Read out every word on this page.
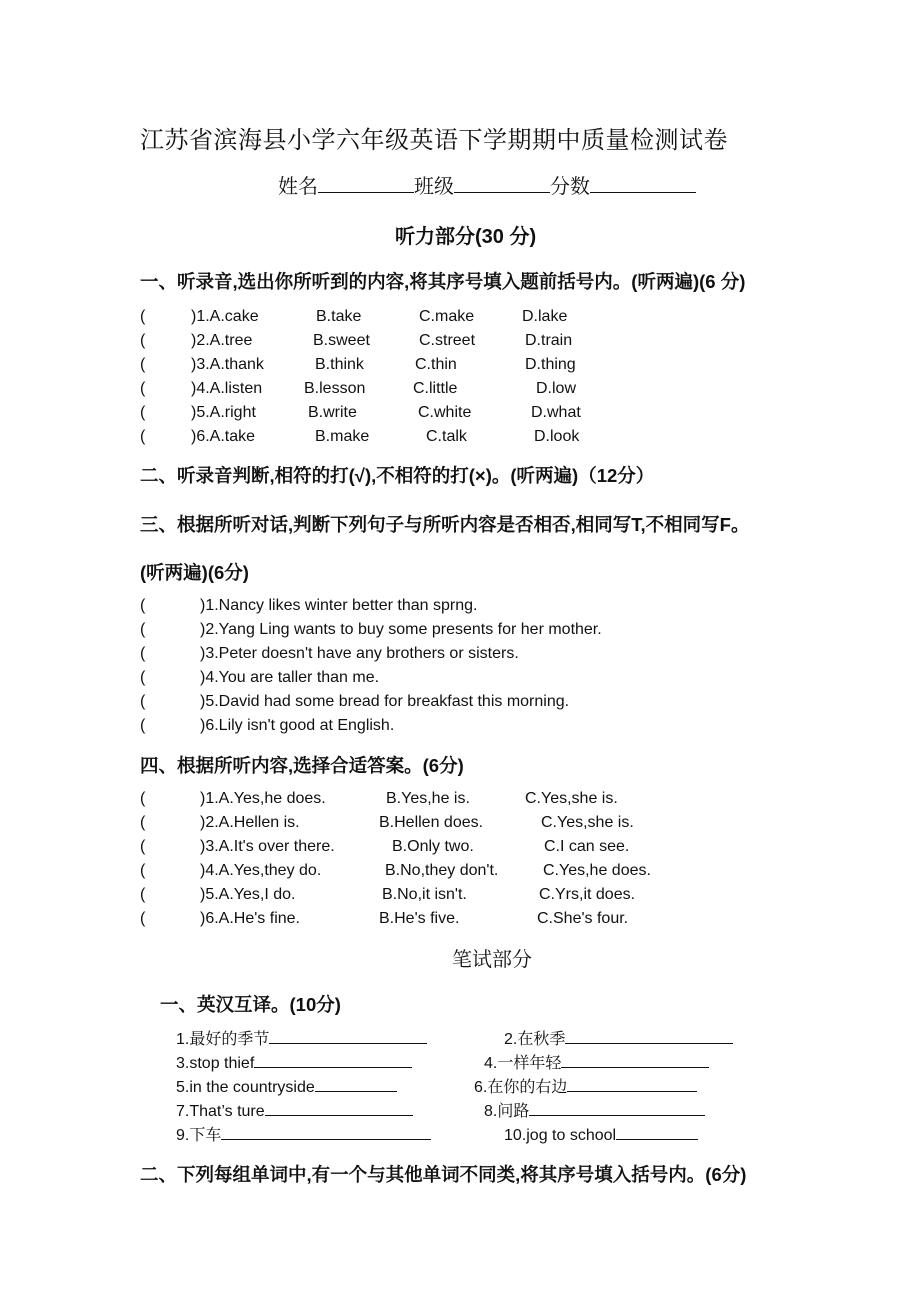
江苏省滨海县小学六年级英语下学期期中质量检测试卷
姓名	班级	分数
听力部分(30 分)
一、听录音,选出你所听到的内容,将其序号填入题前括号内。(听两遍)(6 分)
(	)1.A.cake	B.take	C.make	D.lake
(	)2.A.tree	B.sweet	C.street	D.train
(	)3.A.thank	B.think	C.thin	D.thing
(	)4.A.listen	B.lesson	C.little	D.low
(	)5.A.right	B.write	C.white	D.what
(	)6.A.take	B.make	C.talk	D.look
二、听录音判断,相符的打(√),不相符的打(×)。(听两遍)（12分）
三、根据所听对话,判断下列句子与所听内容是否相否,相同写T,不相同写F。
(听两遍)(6分)
(	)1.Nancy likes winter better than sprng.
(	)2.Yang Ling wants to buy some presents for her mother.
(	)3.Peter doesn't have any brothers or sisters.
(	)4.You are taller than me.
(	)5.David had some bread for breakfast this morning.
(	)6.Lily isn't good at English.
四、根据所听内容,选择合适答案。(6分)
(	)1.A.Yes,he does.	B.Yes,he is.	C.Yes,she is.
(	)2.A.Hellen is.	B.Hellen does.	C.Yes,she is.
(	)3.A.It's over there.	B.Only two.	C.I can see.
(	)4.A.Yes,they do.	B.No,they don't.	C.Yes,he does.
(	)5.A.Yes,I do.	B.No,it isn't.	C.Yrs,it does.
(	)6.A.He's fine.	B.He's five.	C.She's four.
笔试部分
一、英汉互译。(10分)
1.最好的季节	2.在秋季
3.stop thief	4.一样年轻
5.in the countryside	6.在你的右边
7.That’s ture	8.问路
9.下车	10.jog to school
二、下列每组单词中,有一个与其他单词不同类,将其序号填入括号内。(6分)
